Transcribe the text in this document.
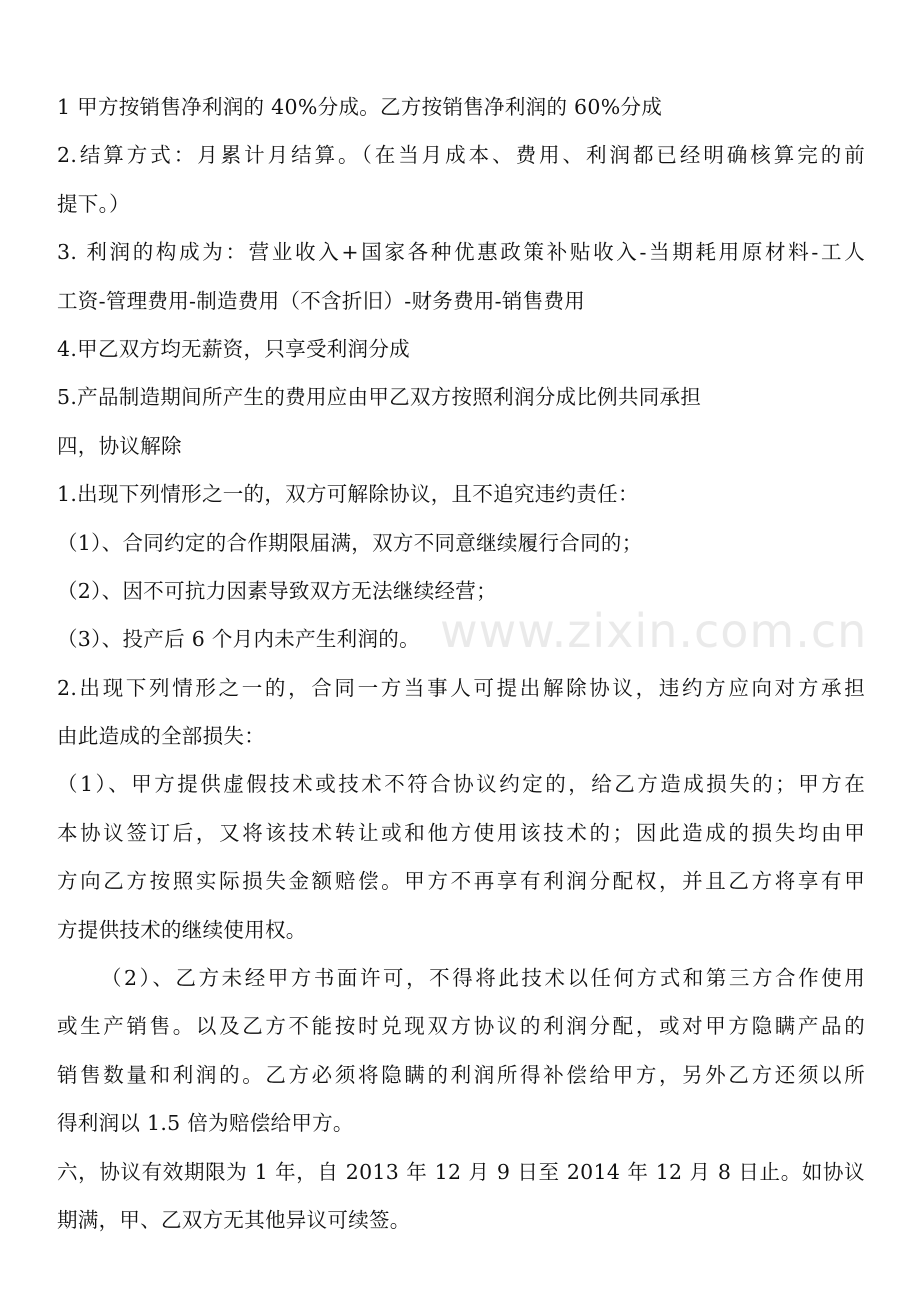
1 甲方按销售净利润的 40%分成。乙方按销售净利润的 60%分成
2.结算方式：月累计月结算。（在当月成本、费用、利润都已经明确核算完的前
提下。）
3. 利润的构成为：营业收入+国家各种优惠政策补贴收入-当期耗用原材料-工人
工资-管理费用-制造费用（不含折旧）-财务费用-销售费用
4.甲乙双方均无薪资，只享受利润分成
5.产品制造期间所产生的费用应由甲乙双方按照利润分成比例共同承担
四，协议解除
1.出现下列情形之一的，双方可解除协议，且不追究违约责任：
（1）、合同约定的合作期限届满，双方不同意继续履行合同的；
（2）、因不可抗力因素导致双方无法继续经营；
（3）、投产后 6 个月内未产生利润的。
2.出现下列情形之一的，合同一方当事人可提出解除协议，违约方应向对方承担
由此造成的全部损失：
（1）、甲方提供虚假技术或技术不符合协议约定的，给乙方造成损失的；甲方在
本协议签订后，又将该技术转让或和他方使用该技术的；因此造成的损失均由甲
方向乙方按照实际损失金额赔偿。甲方不再享有利润分配权，并且乙方将享有甲
方提供技术的继续使用权。
（2）、乙方未经甲方书面许可，不得将此技术以任何方式和第三方合作使用
或生产销售。以及乙方不能按时兑现双方协议的利润分配，或对甲方隐瞒产品的
销售数量和利润的。乙方必须将隐瞒的利润所得补偿给甲方，另外乙方还须以所
得利润以 1.5 倍为赔偿给甲方。
六，协议有效期限为 1 年，自 2013 年 12 月 9 日至 2014 年 12 月 8 日止。如协议
期满，甲、乙双方无其他异议可续签。
www.zixin.com.cn
